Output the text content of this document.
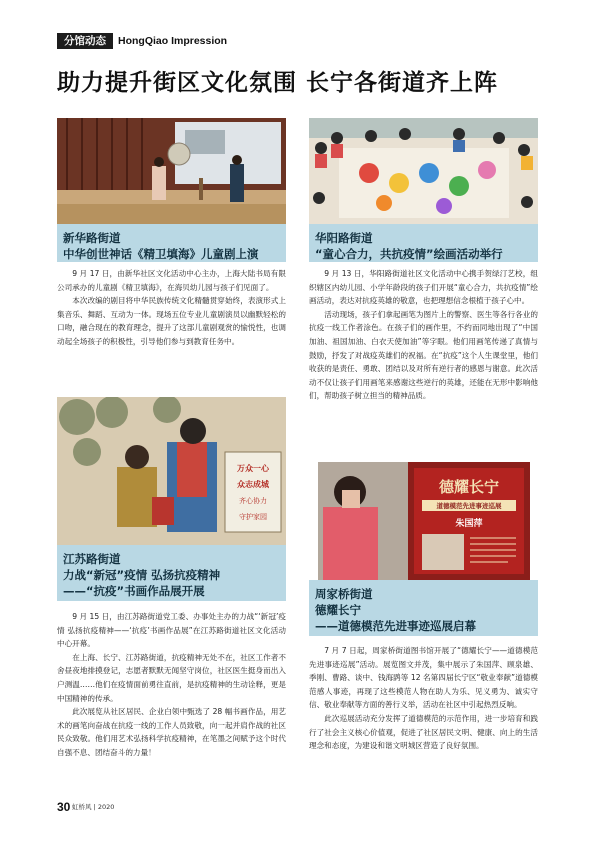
分馆动态	HongQiao Impression
助力提升街区文化氛围 长宁各街道齐上阵
新华路街道
中华创世神话《精卫填海》儿童剧上演

9 月 17 日，由新华社区文化活动中心主办，上海大陆书局有限公司承办的儿童剧《精卫填海》，在海贝幼儿园与孩子们见面了。

本次改编的剧目将中华民族传统文化精髓贯穿始终，表演形式上集音乐、舞蹈、互动为一体。现场五位专业儿童剧演员以幽默轻松的口吻，融合现在的教育理念，提升了这部儿童剧观赏的愉悦性，也调动起全场孩子的积极性，引导他们参与到教育任务中。

华阳路街道
“童心合力，共抗疫情”绘画活动举行

9 月 13 日，华阳路街道社区文化活动中心携手贺绿汀艺校，组织辖区内幼儿园、小学年龄段的孩子们开展“童心合力，共抗疫情”绘画活动，表达对抗疫英雄的敬意，也把理想信念根植于孩子心中。

活动现场，孩子们拿起画笔为图片上的警察、医生等各行各业的抗疫一线工作者涂色。在孩子们的画作里，不约而同地出现了“中国加油、祖国加油、白衣天使加油”等字眼。他们用画笔传递了真情与鼓励，抒发了对战疫英雄们的祝福。在“抗疫”这个人生课堂里，他们收获的是责任、勇敢、团结以及对所有逆行者的感恩与谢意。此次活动不仅让孩子们用画笔来感谢这些逆行的英雄，还能在无形中影响他们，帮助孩子树立担当的精神品质。

万众一心
众志成城
齐心协力
守护家园
江苏路街道
力战“新冠”疫情 弘扬抗疫精神
——“抗疫”书画作品展开展

9 月 15 日，由江苏路街道党工委、办事处主办的力战“‘新冠’疫情 弘扬抗疫精神——‘抗疫’书画作品展”在江苏路街道社区文化活动中心开幕。

在上海、长宁、江苏路街道，抗疫精神无处不在，社区工作者不舍昼夜地排摸登记，志愿者默默无闻坚守岗位，社区医生挺身而出入户测温……他们在疫情面前勇往直前，是抗疫精神的生动诠释，更是中国精神的传承。

此次展览从社区居民、企业白领中甄选了 28 幅书画作品，用艺术的画笔向奋战在抗疫一线的工作人员致敬，向一起并肩作战的社区民众致敬。他们用艺术弘扬科学抗疫精神，在笔墨之间赋予这个时代自强不息、团结奋斗的力量！

德耀长宁
道德模范先进事迹巡展
朱国萍
周家桥街道
德耀长宁
——道德模范先进事迹巡展启幕

7 月 7 日起，周家桥街道图书馆开展了“德耀长宁——道德模范先进事迹巡展”活动。展览图文并茂，集中展示了朱国萍、顾泉雄、季刚、曹路、谈中、钱海鹍等 12 名第四届长宁区“敬业奉献”道德模范感人事迹，再现了这些模范人物在助人为乐、见义勇为、诚实守信、敬业奉献等方面的善行义举，活动在社区中引起热烈反响。

此次巡展活动充分发挥了道德模范的示范作用，进一步培育和践行了社会主义核心价值观，促进了社区居民文明、健康、向上的生活理念和态度，为建设和谐文明城区营造了良好氛围。

30 虹桥风 | 2020
